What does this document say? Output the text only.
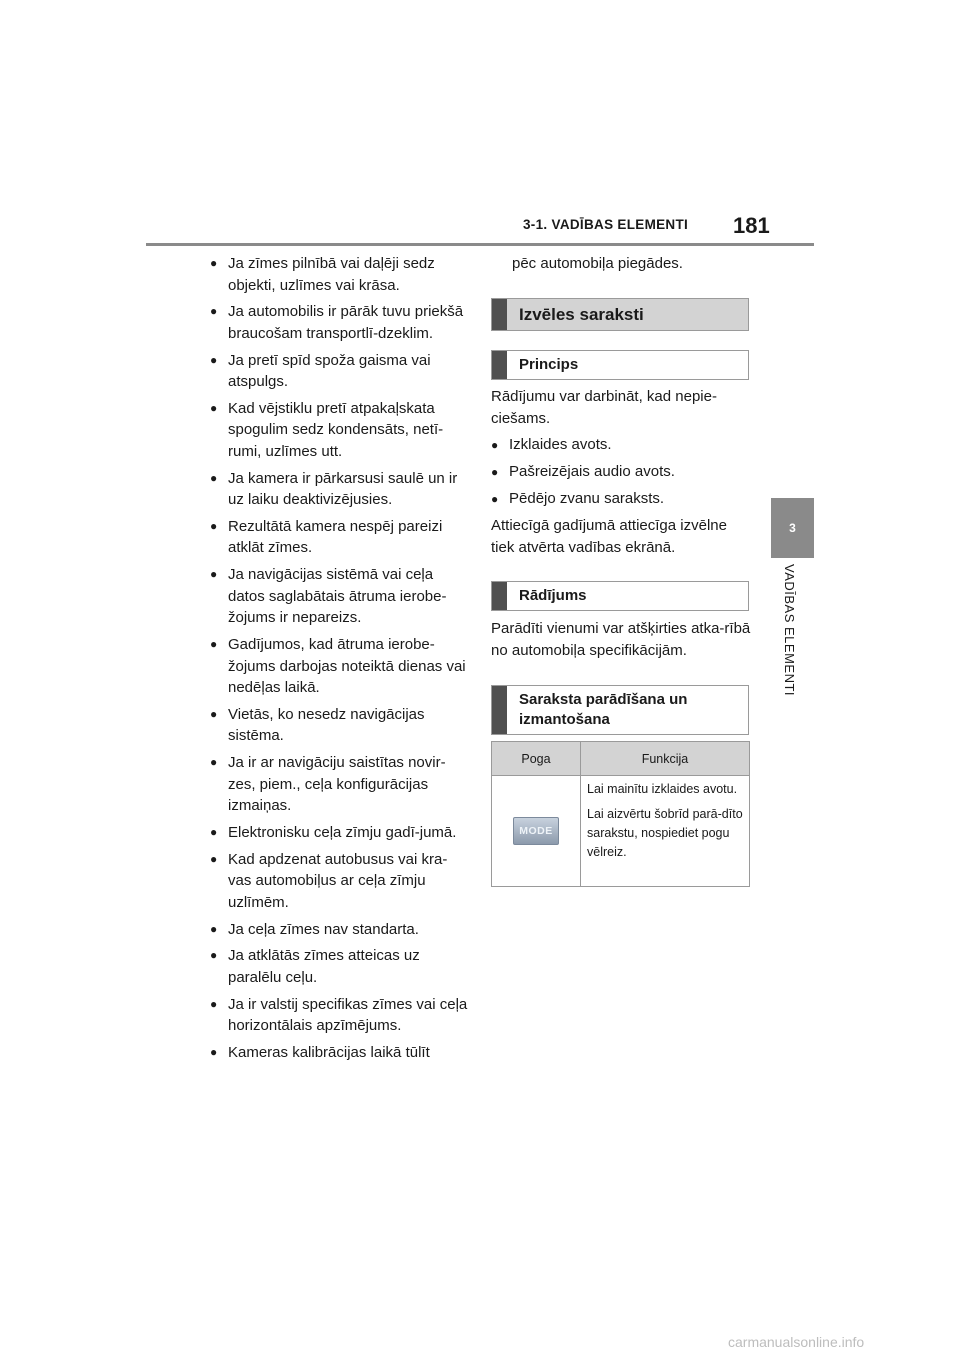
3-1. VADĪBAS ELEMENTI 181
3
VADĪBAS ELEMENTI
● Ja zīmes pilnībā vai daļēji sedz objekti, uzlīmes vai krāsa.
● Ja automobilis ir pārāk tuvu priekšā braucošam transportlī-dzeklim.
● Ja pretī spīd spoža gaisma vai atspulgs.
● Kad vējstiklu pretī atpakaļskata spogulim sedz kondensāts, netī-rumi, uzlīmes utt.
● Ja kamera ir pārkarsusi saulē un ir uz laiku deaktivizējusies.
● Rezultātā kamera nespēj pareizi atklāt zīmes.
● Ja navigācijas sistēmā vai ceļa datos saglabātais ātruma ierobe-žojums ir nepareizs.
● Gadījumos, kad ātruma ierobe-žojums darbojas noteiktā dienas vai nedēļas laikā.
● Vietās, ko nesedz navigācijas sistēma.
● Ja ir ar navigāciju saistītas novir-zes, piem., ceļa konfigurācijas izmaiņas.
● Elektronisku ceļa zīmju gadī-jumā.
● Kad apdzenat autobusus vai kra-vas automobiļus ar ceļa zīmju uzlīmēm.
● Ja ceļa zīmes nav standarta.
● Ja atklātās zīmes atteicas uz paralēlu ceļu.
● Ja ir valstij specifikas zīmes vai ceļa horizontālais apzīmējums.
● Kameras kalibrācijas laikā tūlīt
pēc automobiļa piegādes.
Izvēles saraksti
Princips
Rādījumu var darbināt, kad nepie-ciešams.
● Izklaides avots.
● Pašreizējais audio avots.
● Pēdējo zvanu saraksts.
Attiecīgā gadījumā attiecīga izvēlne tiek atvērta vadības ekrānā.
Rādījums
Parādīti vienumi var atšķirties atka-rībā no automobiļa specifikācijām.
Saraksta parādīšana un izmantošana
Poga	Funkcija

MODE	Lai mainītu izklaides avotu.

Lai aizvērtu šobrīd parā-dīto sarakstu, nospiediet pogu vēlreiz.

carmanualsonline.info
